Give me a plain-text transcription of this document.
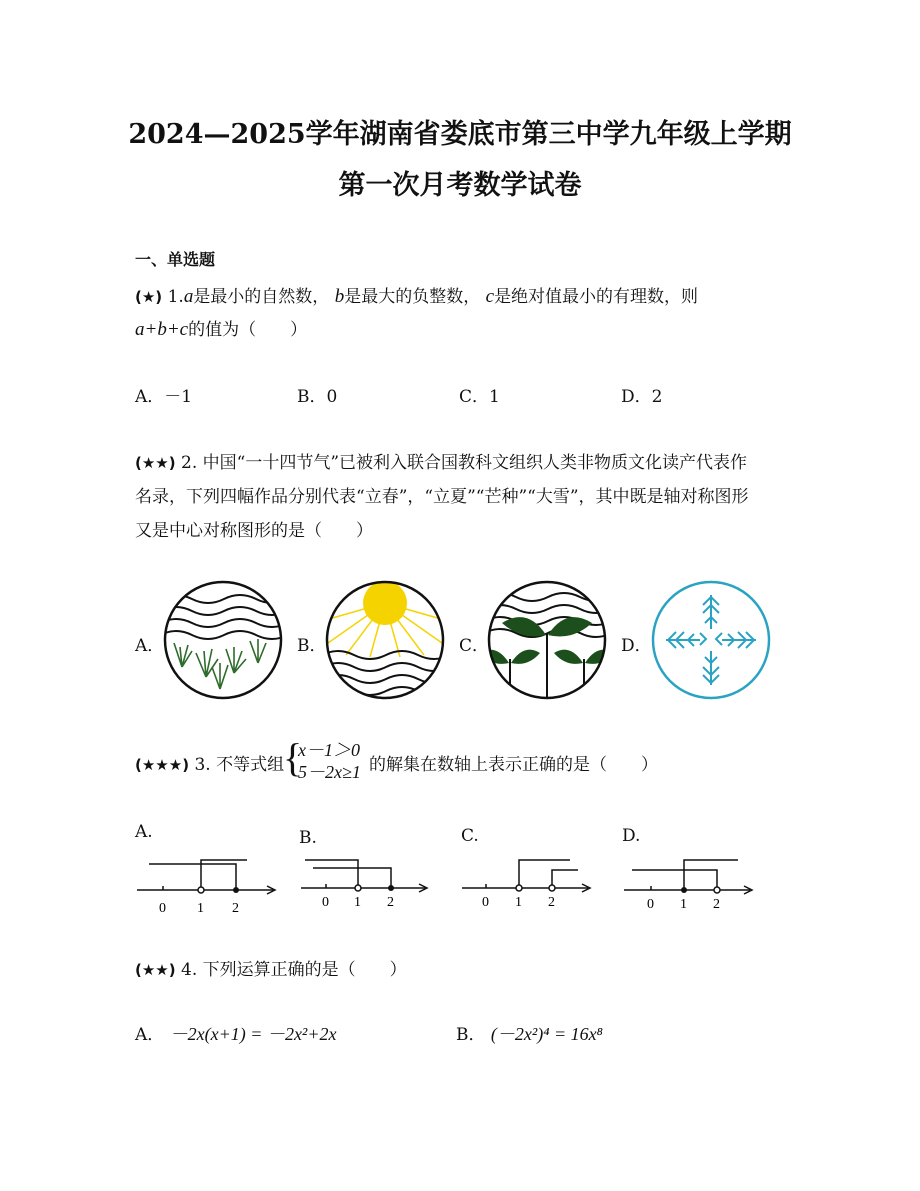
2024—2025学年湖南省娄底市第三中学九年级上学期
第一次月考数学试卷
一、单选题
(★) 1.a是最小的自然数， b是最大的负整数， c是绝对值最小的有理数，则
a+b+c的值为（　　）
A．－1	B．0	C．1	D．2
(★★) 2. 中国“一十四节气”已被利入联合国教科文组织人类非物质文化读产代表作
名录，下列四幅作品分别代表“立春”，“立夏”“芒种”“大雪”，其中既是轴对称图形
又是中心对称图形的是（　　）
A．	B．	C．	D．
(★★★) 3. 不等式组
{
x－1＞0
5－2x≥1 的解集在数轴上表示正确的是（　　）
A.	B.	C.	D.
0 1 2	0 1 2	0 1 2	0 1 2
(★★) 4. 下列运算正确的是（　　）
A． －2x(x+1) = －2x²+2x	B． (－2x²)⁴ = 16x⁸
